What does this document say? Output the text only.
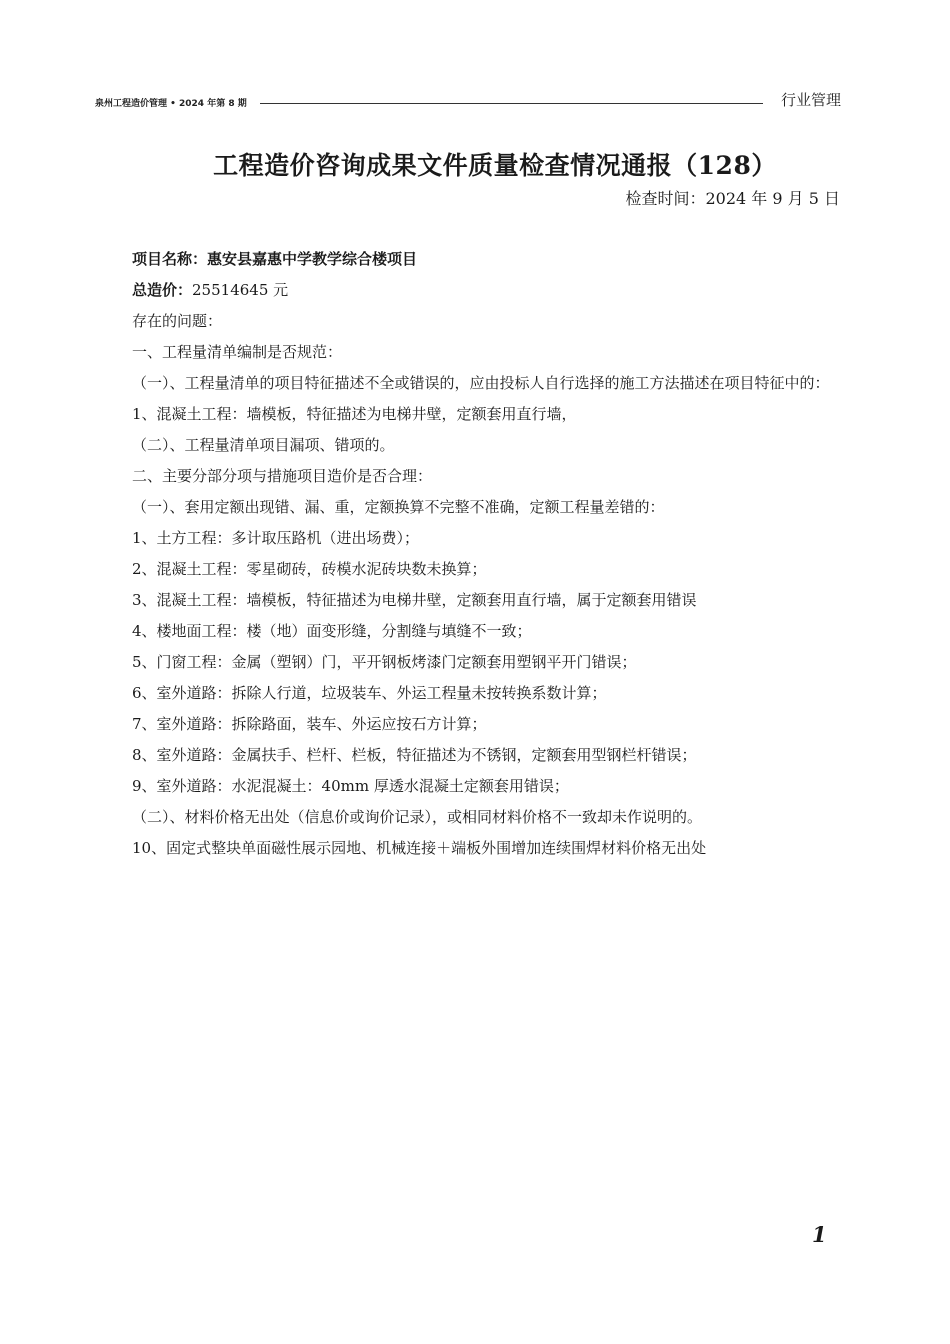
泉州工程造价管理 • 2024 年第 8 期	行业管理
工程造价咨询成果文件质量检查情况通报（128）
检查时间：2024 年 9 月 5 日

项目名称：惠安县嘉惠中学教学综合楼项目

总造价：25514645 元

存在的问题：

一、工程量清单编制是否规范：

（一）、工程量清单的项目特征描述不全或错误的，应由投标人自行选择的施工方法描述在项目特征中的：

1、混凝土工程：墙模板，特征描述为电梯井壁，定额套用直行墙，

（二）、工程量清单项目漏项、错项的。

二、主要分部分项与措施项目造价是否合理：

（一）、套用定额出现错、漏、重，定额换算不完整不准确，定额工程量差错的：

1、土方工程：多计取压路机（进出场费）；

2、混凝土工程：零星砌砖，砖模水泥砖块数未换算；

3、混凝土工程：墙模板，特征描述为电梯井壁，定额套用直行墙，属于定额套用错误

4、楼地面工程：楼（地）面变形缝，分割缝与填缝不一致；

5、门窗工程：金属（塑钢）门，平开钢板烤漆门定额套用塑钢平开门错误；

6、室外道路：拆除人行道，垃圾装车、外运工程量未按转换系数计算；

7、室外道路：拆除路面，装车、外运应按石方计算；

8、室外道路：金属扶手、栏杆、栏板，特征描述为不锈钢，定额套用型钢栏杆错误；

9、室外道路：水泥混凝土：40mm 厚透水混凝土定额套用错误；

（二）、材料价格无出处（信息价或询价记录），或相同材料价格不一致却未作说明的。

10、固定式整块单面磁性展示园地、机械连接＋端板外围增加连续围焊材料价格无出处

1
